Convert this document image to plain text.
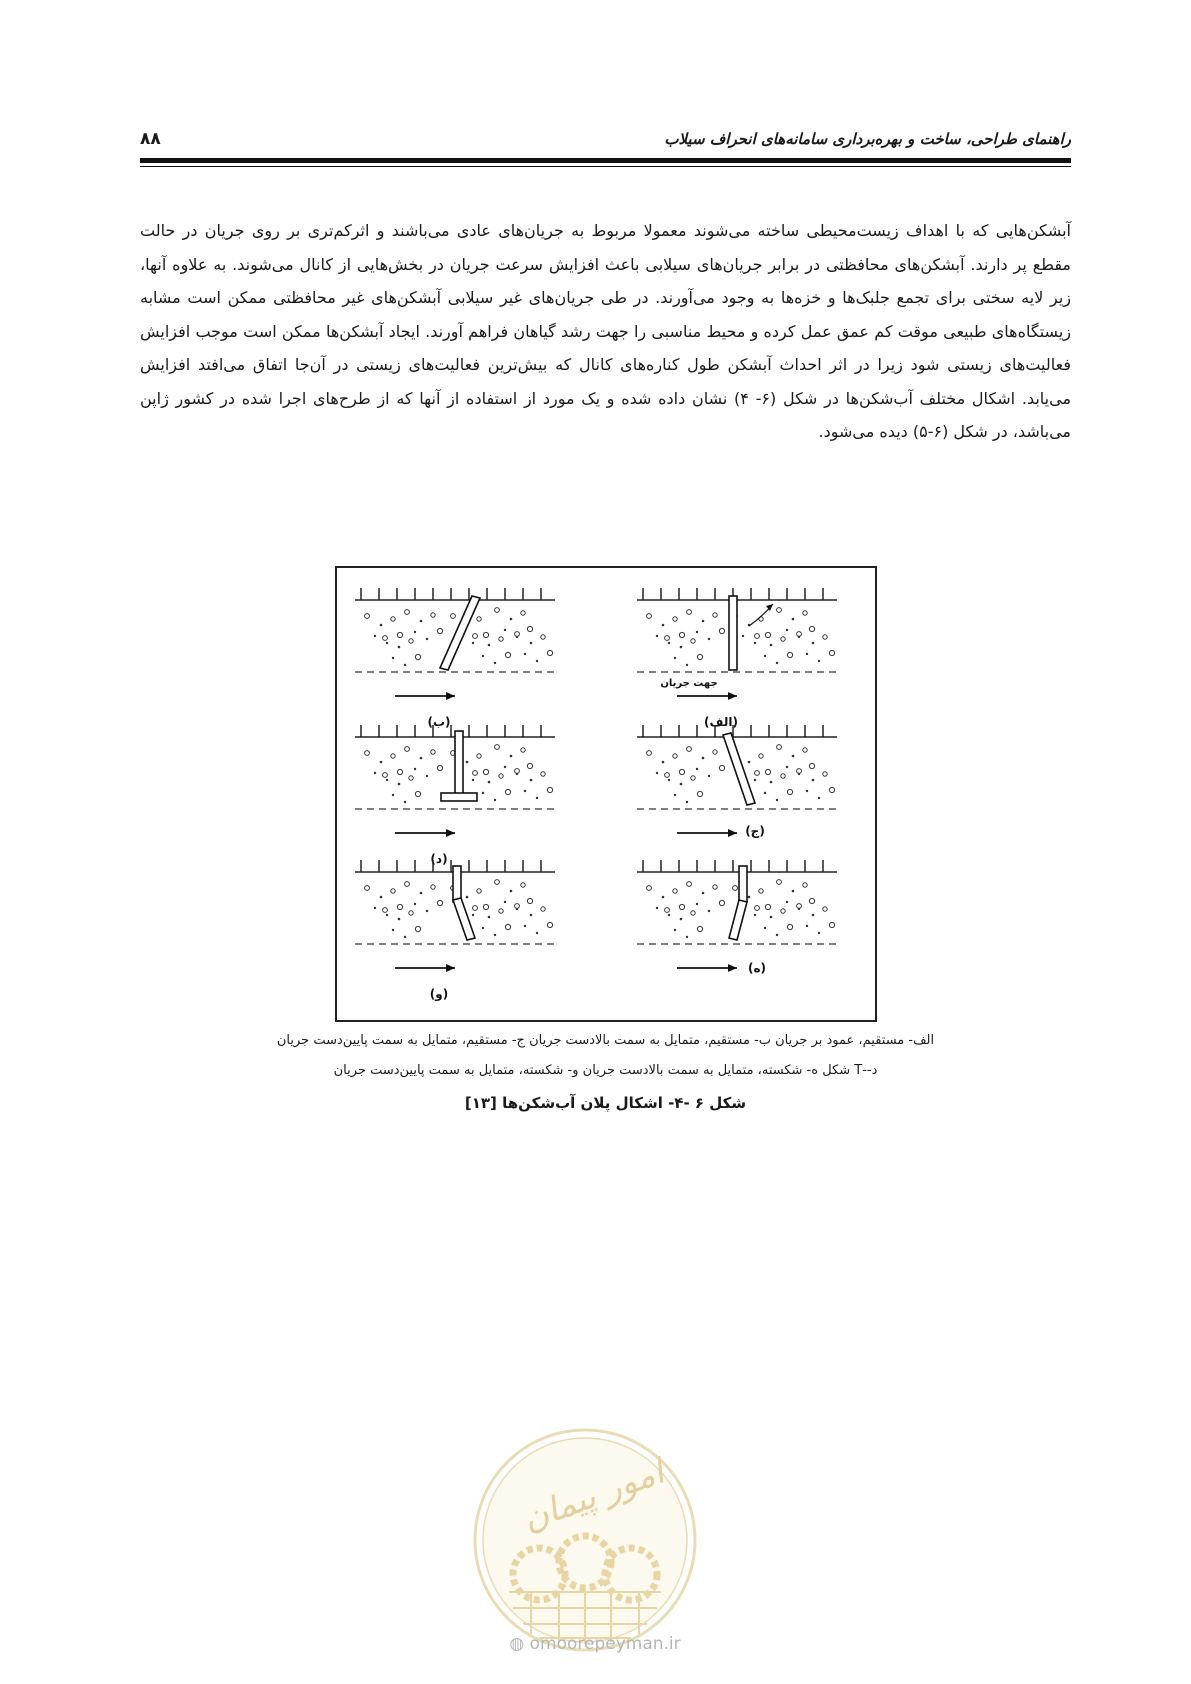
راهنمای طراحی، ساخت و بهره‌برداری سامانه‌های انحراف سیلاب
۸۸

آبشکن‌هایی که با اهداف زیست‌محیطی ساخته می‌شوند معمولا مربوط به جریان‌های عادی می‌باشند و اثرکم‌تری بر روی جریان در حالت مقطع پر دارند. آبشکن‌های محافظتی در برابر جریان‌های سیلابی باعث افزایش سرعت جریان در بخش‌هایی از کانال می‌شوند. به علاوه آنها، زیر لایه سختی برای تجمع جلبک‌ها و خزه‌ها به وجود می‌آورند. در طی جریان‌های غیر سیلابی آبشکن‌های غیر محافظتی ممکن است مشابه زیستگاه‌های طبیعی موقت کم عمق عمل کرده و محیط مناسبی را جهت رشد گیاهان فراهم آورند. ایجاد آبشکن‌ها ممکن است موجب افزایش فعالیت‌های زیستی شود زیرا در اثر احداث آبشکن طول کناره‌های کانال که بیش‌ترین فعالیت‌های زیستی در آن‌جا اتفاق می‌افتد افزایش می‌یابد. اشکال مختلف آب‌شکن‌ها در شکل (۶- ۴) نشان داده شده و یک مورد از استفاده از آنها که از طرح‌های اجرا شده در کشور ژاپن می‌باشد، در شکل (۶-۵) دیده می‌شود.

جهت جریان
(الف)
(ب)
(ج)
(د)
(ه)
(و)
الف- مستقیم، عمود بر جریان ب- مستقیم، متمایل به سمت بالادست جریان ج- مستقیم، متمایل به سمت پایین‌دست جریان
د--T شکل ه- شکسته، متمایل به سمت بالادست جریان و- شکسته، متمایل به سمت پایین‌دست جریان
شکل ۶ -۴- اشکال پلان آب‌شکن‌ها [۱۳]
امور پیمان
◍ omoorepeyman.ir
